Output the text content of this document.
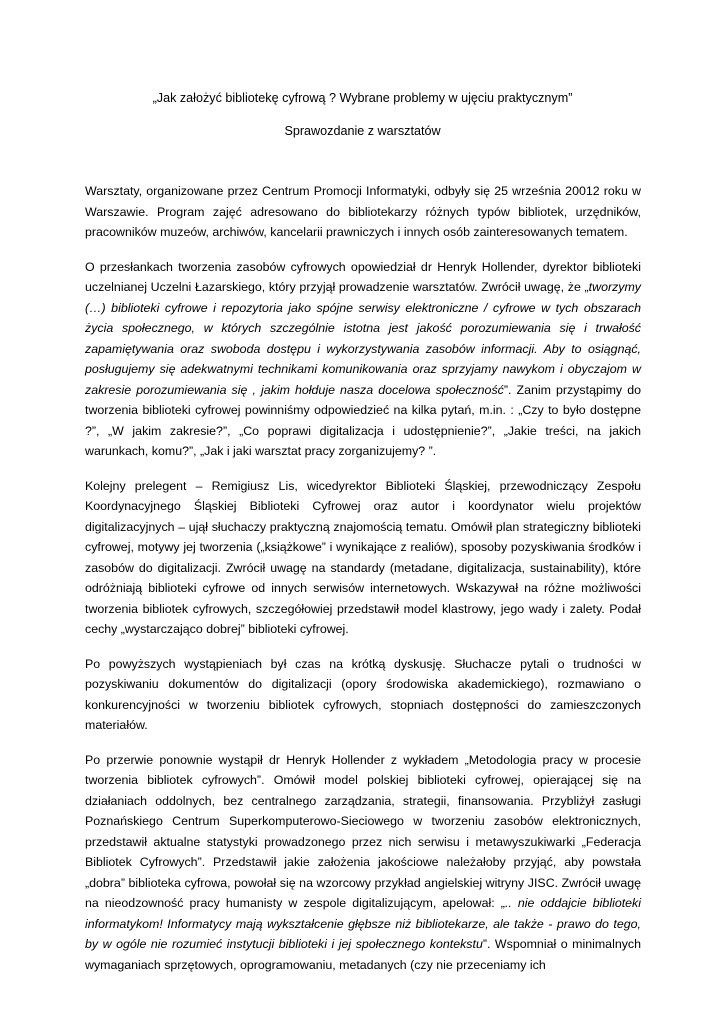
„Jak założyć bibliotekę cyfrową ? Wybrane problemy w ujęciu praktycznym”
Sprawozdanie z warsztatów

Warsztaty, organizowane przez Centrum Promocji Informatyki, odbyły się 25 września 20012 roku w Warszawie. Program zajęć adresowano do bibliotekarzy różnych typów bibliotek, urzędników, pracowników muzeów, archiwów, kancelarii prawniczych i innych osób zainteresowanych tematem.

O przesłankach tworzenia zasobów cyfrowych opowiedział dr Henryk Hollender, dyrektor biblioteki uczelnianej Uczelni Łazarskiego, który przyjął prowadzenie warsztatów. Zwrócił uwagę, że „tworzymy (…) biblioteki cyfrowe i repozytoria jako spójne serwisy elektroniczne / cyfrowe w tych obszarach życia społecznego, w których szczególnie istotna jest jakość porozumiewania się i trwałość zapamiętywania oraz swoboda dostępu i wykorzystywania zasobów informacji. Aby to osiągnąć, posługujemy się adekwatnymi technikami komunikowania oraz sprzyjamy nawykom i obyczajom w zakresie porozumiewania się , jakim hołduje nasza docelowa społeczność”. Zanim przystąpimy do tworzenia biblioteki cyfrowej powinniśmy odpowiedzieć na kilka pytań, m.in. : „Czy to było dostępne ?”, „W jakim zakresie?”, „Co poprawi digitalizacja i udostępnienie?”, „Jakie treści, na jakich warunkach, komu?”, „Jak i jaki warsztat pracy zorganizujemy? ”.

Kolejny prelegent – Remigiusz Lis, wicedyrektor Biblioteki Śląskiej, przewodniczący Zespołu Koordynacyjnego Śląskiej Biblioteki Cyfrowej oraz autor i koordynator wielu projektów digitalizacyjnych – ujął słuchaczy praktyczną znajomością tematu. Omówił plan strategiczny biblioteki cyfrowej, motywy jej tworzenia („książkowe” i wynikające z realiów), sposoby pozyskiwania środków i zasobów do digitalizacji. Zwrócił uwagę na standardy (metadane, digitalizacja, sustainability), które odróżniają biblioteki cyfrowe od innych serwisów internetowych. Wskazywał na różne możliwości tworzenia bibliotek cyfrowych, szczegółowiej przedstawił model klastrowy, jego wady i zalety. Podał cechy „wystarczająco dobrej” biblioteki cyfrowej.

Po powyższych wystąpieniach był czas na krótką dyskusję. Słuchacze pytali o trudności w pozyskiwaniu dokumentów do digitalizacji (opory środowiska akademickiego), rozmawiano o konkurencyjności w tworzeniu bibliotek cyfrowych, stopniach dostępności do zamieszczonych materiałów.

Po przerwie ponownie wystąpił dr Henryk Hollender z wykładem „Metodologia pracy w procesie tworzenia bibliotek cyfrowych”. Omówił model polskiej biblioteki cyfrowej, opierającej się na działaniach oddolnych, bez centralnego zarządzania, strategii, finansowania. Przybliżył zasługi Poznańskiego Centrum Superkomputerowo-Sieciowego w tworzeniu zasobów elektronicznych, przedstawił aktualne statystyki prowadzonego przez nich serwisu i metawyszukiwarki „Federacja Bibliotek Cyfrowych”. Przedstawił jakie założenia jakościowe należałoby przyjąć, aby powstała „dobra” biblioteka cyfrowa, powołał się na wzorcowy przykład angielskiej witryny JISC. Zwrócił uwagę na nieodzowność pracy humanisty w zespole digitalizującym, apelował: „.. nie oddajcie biblioteki informatykom! Informatycy mają wykształcenie głębsze niż bibliotekarze, ale także - prawo do tego, by w ogóle nie rozumieć instytucji biblioteki i jej społecznego kontekstu”. Wspomniał o minimalnych wymaganiach sprzętowych, oprogramowaniu, metadanych (czy nie przeceniamy ich
